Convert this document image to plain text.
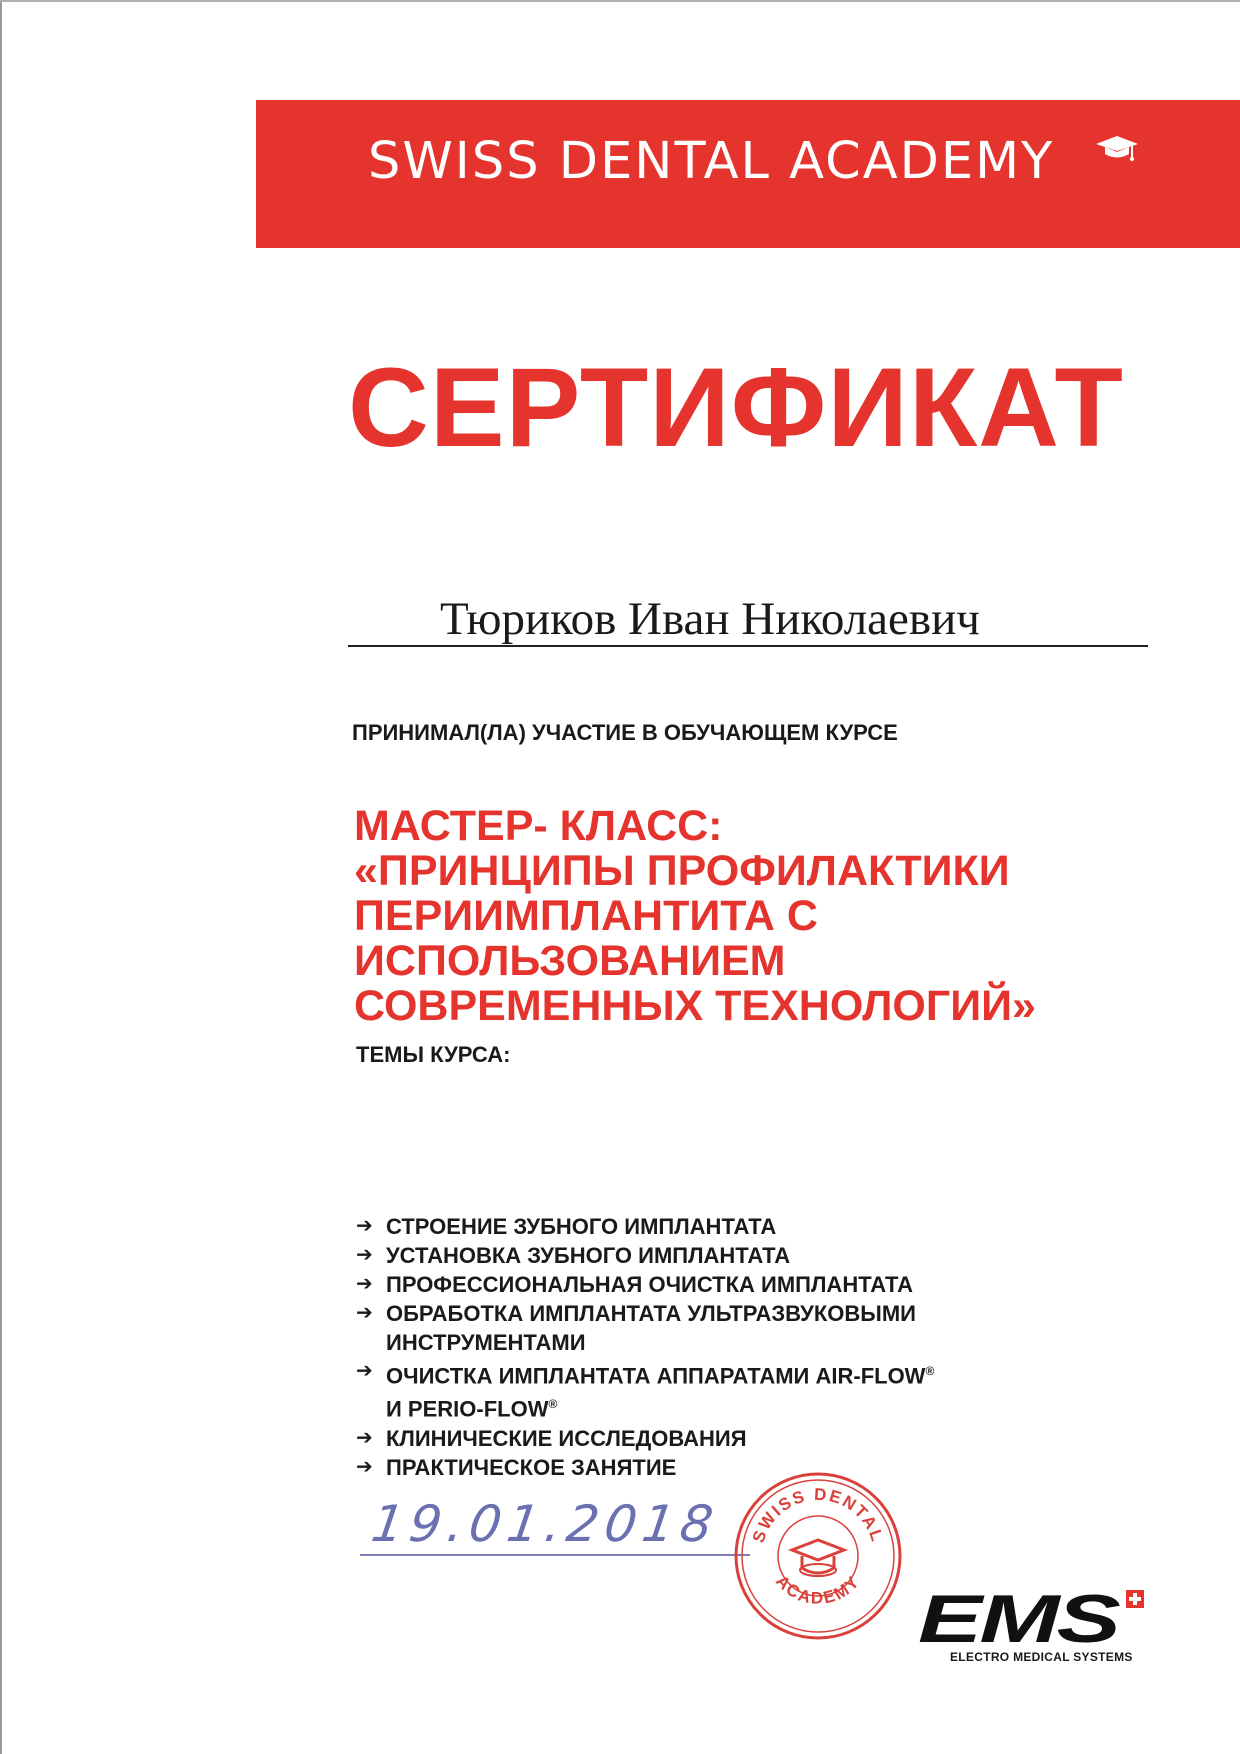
SWISS DENTAL ACADEMY
СЕРТИФИКАТ
Тюриков Иван Николаевич
ПРИНИМАЛ(ЛА) УЧАСТИЕ В ОБУЧАЮЩЕМ КУРСЕ
МАСТЕР- КЛАСС:
«ПРИНЦИПЫ ПРОФИЛАКТИКИ
ПЕРИИМПЛАНТИТА С
ИСПОЛЬЗОВАНИЕМ
СОВРЕМЕННЫХ ТЕХНОЛОГИЙ»
ТЕМЫ КУРСА:
➔ СТРОЕНИЕ ЗУБНОГО ИМПЛАНТАТА
➔ УСТАНОВКА ЗУБНОГО ИМПЛАНТАТА
➔ ПРОФЕССИОНАЛЬНАЯ ОЧИСТКА ИМПЛАНТАТА
➔ ОБРАБОТКА ИМПЛАНТАТА УЛЬТРАЗВУКОВЫМИ
ИНСТРУМЕНТАМИ
➔ ОЧИСТКА ИМПЛАНТАТА АППАРАТАМИ AIR-FLOW®
И PERIO-FLOW®
➔ КЛИНИЧЕСКИЕ ИССЛЕДОВАНИЯ
➔ ПРАКТИЧЕСКОЕ ЗАНЯТИЕ
19.01.2018 SWISS DENTAL
ACADEMY EMS
ELECTRO MEDICAL SYSTEMS
